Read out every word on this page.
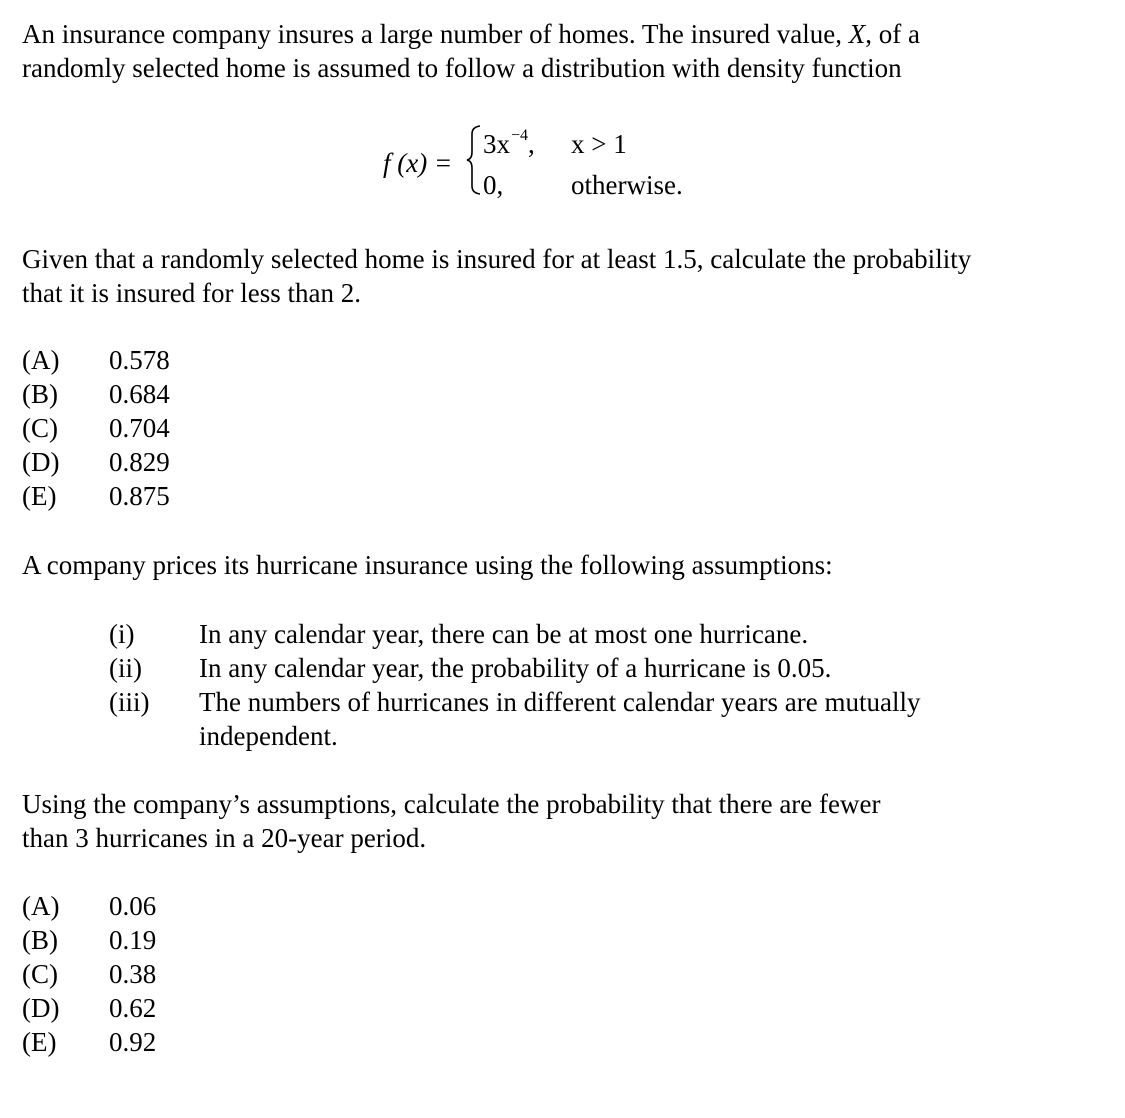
An insurance company insures a large number of homes. The insured value, X, of a
randomly selected home is assumed to follow a distribution with density function
f (x) =
$3x^{-4}$, x > 1
0,	otherwise.
Given that a randomly selected home is insured for at least 1.5, calculate the probability
that it is insured for less than 2.
(A) 0.578
(B) 0.684
(C) 0.704
(D) 0.829
(E) 0.875
A company prices its hurricane insurance using the following assumptions:
(i) In any calendar year, there can be at most one hurricane.
(ii) In any calendar year, the probability of a hurricane is 0.05.
(iii) The numbers of hurricanes in different calendar years are mutually
independent.
Using the company’s assumptions, calculate the probability that there are fewer
than 3 hurricanes in a 20-year period.
(A) 0.06
(B) 0.19
(C) 0.38
(D) 0.62
(E) 0.92
